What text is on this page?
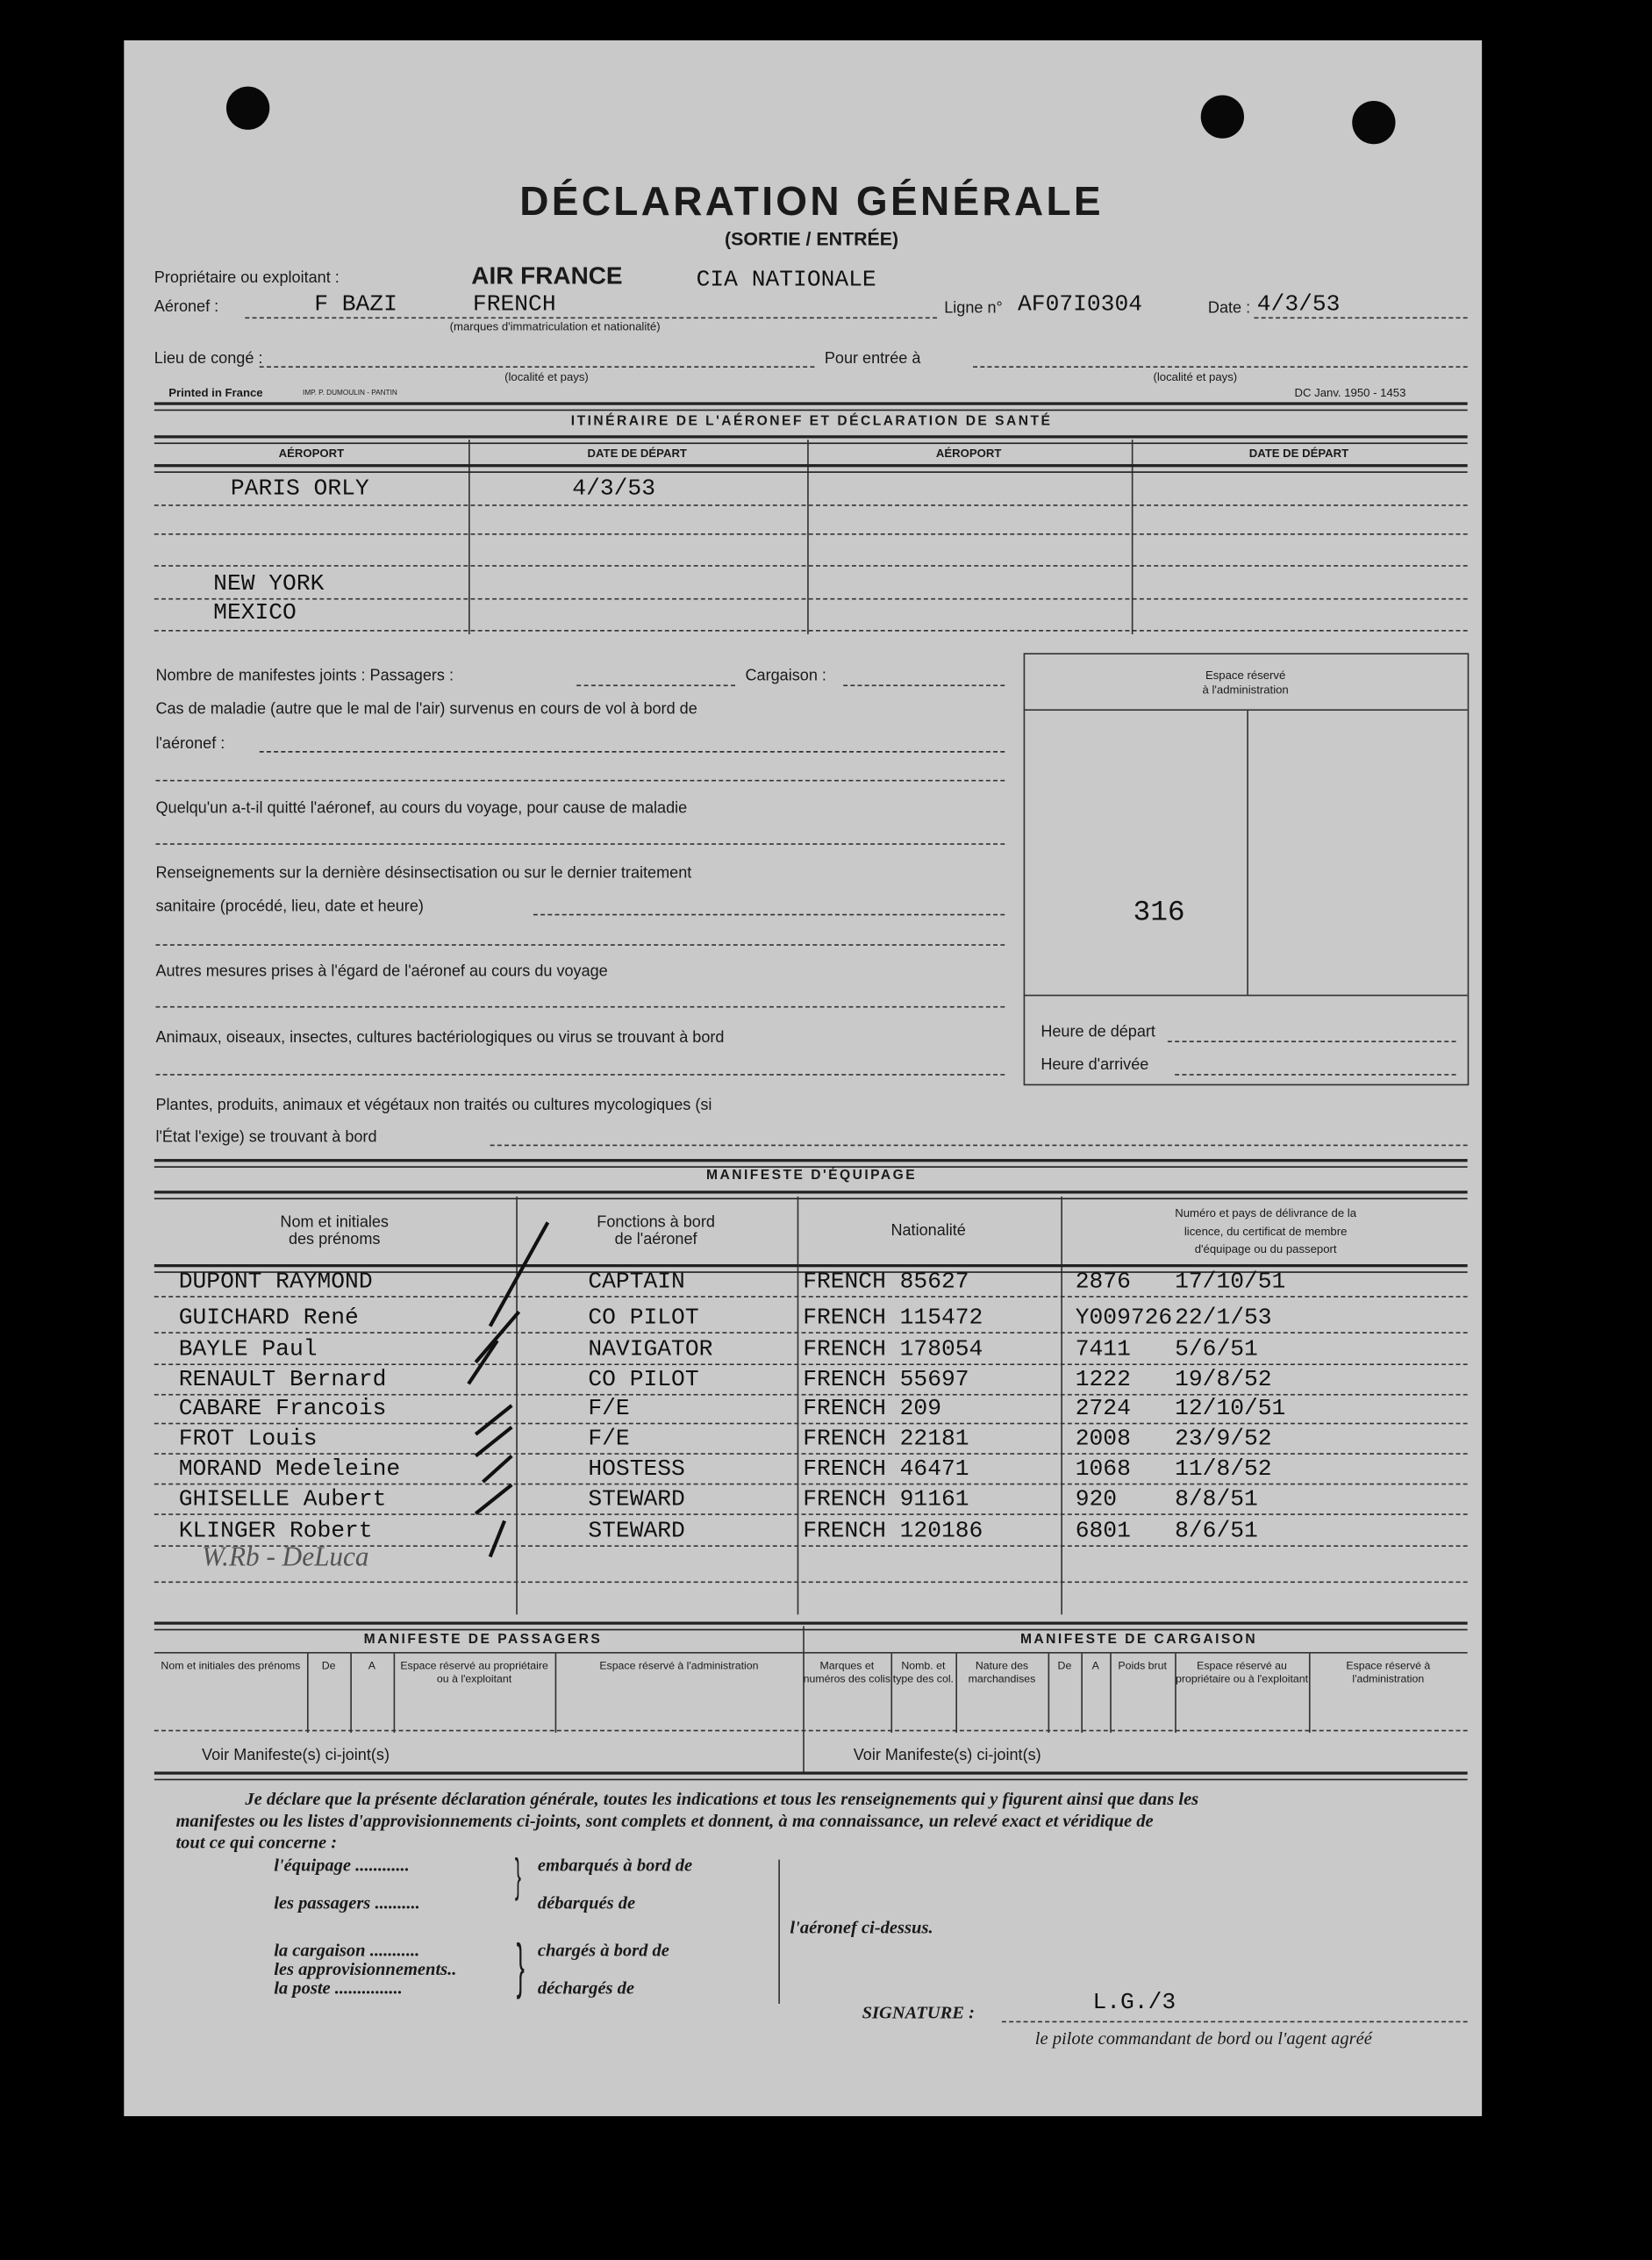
DÉCLARATION GÉNÉRALE
(SORTIE / ENTRÉE)
Propriétaire ou exploitant :	AIR FRANCE	CIA NATIONALE
Aéronef :	F BAZI	FRENCH
(marques d'immatriculation et nationalité)
Ligne n° AF07I0304	Date : 4/3/53
Lieu de congé :
(localité et pays)
Pour entrée à
(localité et pays)
Printed in France	IMP. P. DUMOULIN - PANTIN	DC Janv. 1950 - 1453
ITINÉRAIRE DE L'AÉRONEF ET DÉCLARATION DE SANTÉ
AÉROPORT	DATE DE DÉPART	AÉROPORT	DATE DE DÉPART
PARIS ORLY	4/3/53
NEW YORK
MEXICO
Nombre de manifestes joints : Passagers :	Cargaison :
Cas de maladie (autre que le mal de l'air) survenus en cours de vol à bord de
l'aéronef :
Quelqu'un a-t-il quitté l'aéronef, au cours du voyage, pour cause de maladie
Renseignements sur la dernière désinsectisation ou sur le dernier traitement
sanitaire (procédé, lieu, date et heure)
Autres mesures prises à l'égard de l'aéronef au cours du voyage
Animaux, oiseaux, insectes, cultures bactériologiques ou virus se trouvant à bord
Plantes, produits, animaux et végétaux non traités ou cultures mycologiques (si
l'État l'exige) se trouvant à bord
Espace réservé
à l'administration
316
Heure de départ
Heure d'arrivée
MANIFESTE D'ÉQUIPAGE
Nom et initiales
des prénoms
Fonctions à bord
de l'aéronef	Nationalité
Numéro et pays de délivrance de la
licence, du certificat de membre
d'équipage ou du passeport
DUPONT RAYMOND	CAPTAIN	FRENCH 85627	2876	17/10/51
GUICHARD René	CO PILOT	FRENCH 115472	Y009726 22/1/53
BAYLE Paul	NAVIGATOR	FRENCH 178054	7411	5/6/51
RENAULT Bernard	CO PILOT	FRENCH 55697	1222	19/8/52
CABARE Francois	F/E	FRENCH 209	2724	12/10/51
FROT Louis	F/E	FRENCH 22181	2008	23/9/52
MORAND Medeleine	HOSTESS	FRENCH 46471	1068	11/8/52
GHISELLE Aubert	STEWARD	FRENCH 91161	920	8/8/51
KLINGER Robert	STEWARD	FRENCH 120186	6801	8/6/51
W.Rb - DeLuca
MANIFESTE DE PASSAGERS	MANIFESTE DE CARGAISON
Nom et initiales des prénoms	De	A	Espace réservé au propriétaire ou à l'exploitant
Espace réservé à l'administration	Marques et numéros des colis
Nomb. et type des col.
Nature des marchandises
De	A	Poids brut	Espace réservé au propriétaire ou à l'exploitant
Espace réservé à l'administration
Voir Manifeste(s) ci-joint(s)	Voir Manifeste(s) ci-joint(s)
Je déclare que la présente déclaration générale, toutes les indications et tous les renseignements qui y figurent ainsi que dans les
manifestes ou les listes d'approvisionnements ci-joints, sont complets et donnent, à ma connaissance, un relevé exact et véridique de
tout ce qui concerne :
l'équipage ............
les passagers ..........
la cargaison ...........
les approvisionnements..
la poste ...............
}
}
embarqués à bord de
débarqués de
chargés à bord de
déchargés de
l'aéronef ci-dessus.
SIGNATURE :	L.G./3
le pilote commandant de bord ou l'agent agréé
